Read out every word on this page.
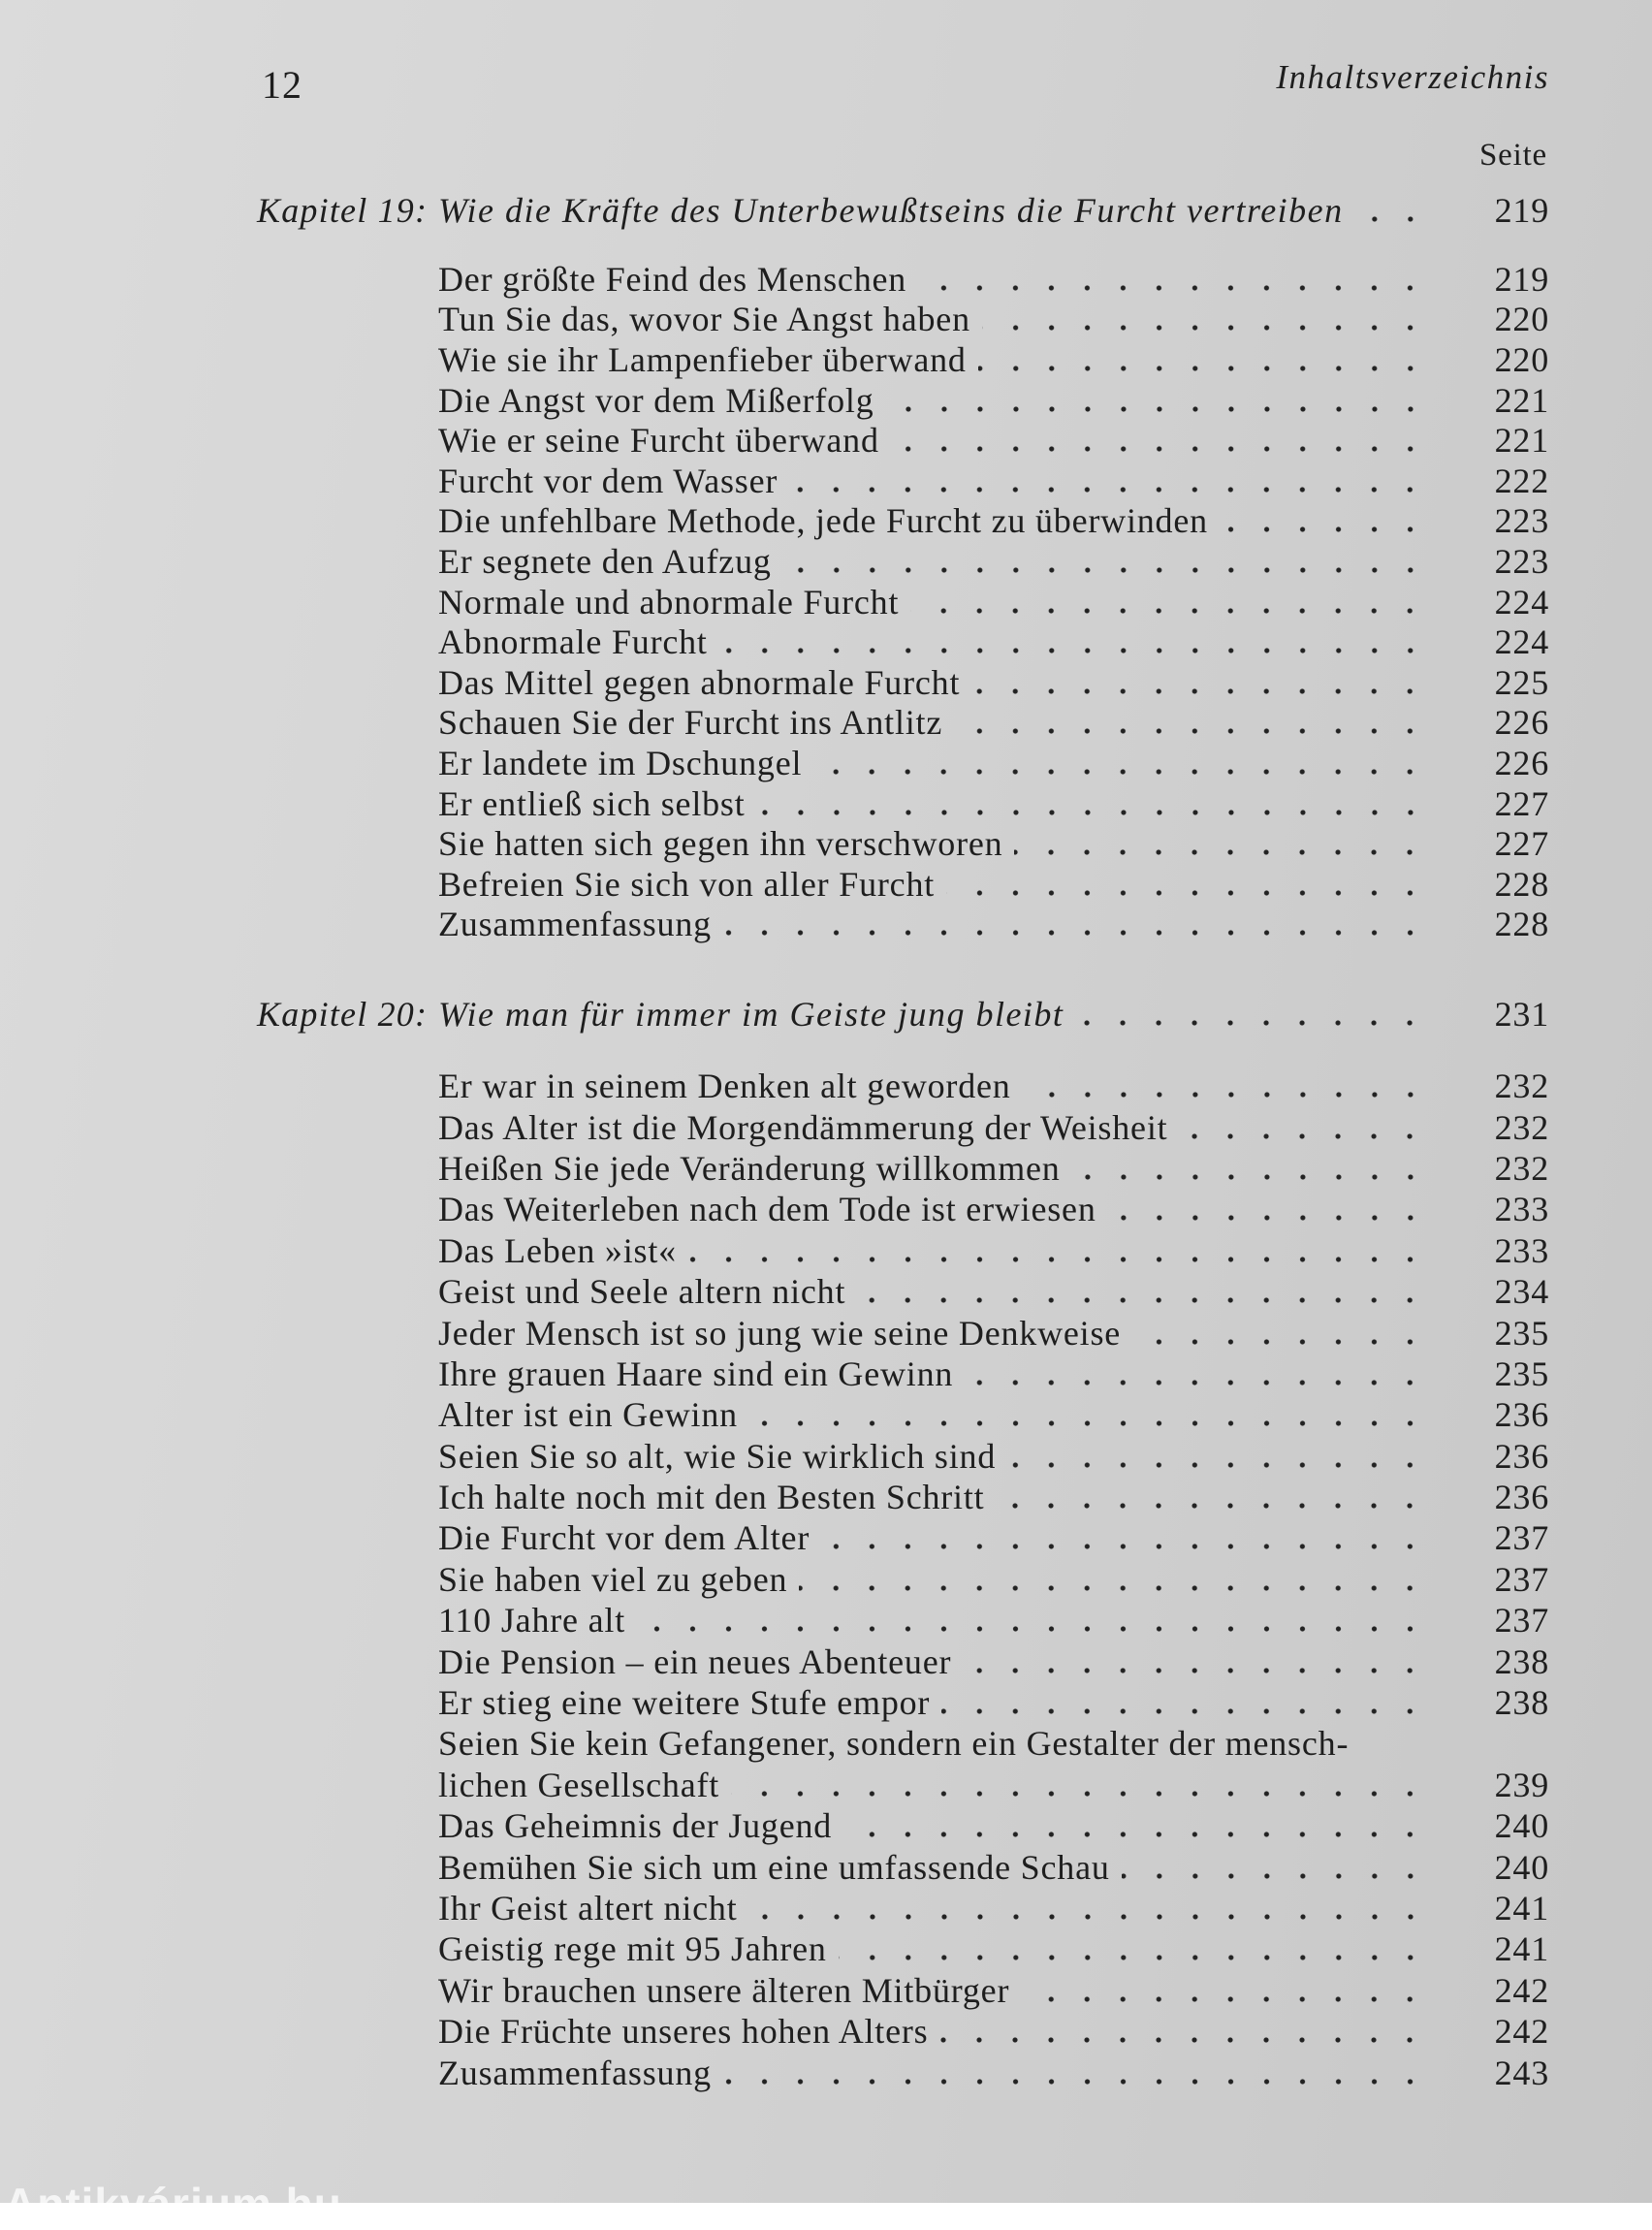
12	Inhaltsverzeichnis
Seite
Kapitel 19: Wie die Kräfte des Unterbewußtseins die Furcht vertreiben	219
Der größte Feind des Menschen	219
Tun Sie das, wovor Sie Angst haben	220
Wie sie ihr Lampenfieber überwand	220
Die Angst vor dem Mißerfolg	221
Wie er seine Furcht überwand	221
Furcht vor dem Wasser	222
Die unfehlbare Methode, jede Furcht zu überwinden	223
Er segnete den Aufzug	223
Normale und abnormale Furcht	224
Abnormale Furcht	224
Das Mittel gegen abnormale Furcht	225
Schauen Sie der Furcht ins Antlitz	226
Er landete im Dschungel	226
Er entließ sich selbst	227
Sie hatten sich gegen ihn verschworen	227
Befreien Sie sich von aller Furcht	228
Zusammenfassung	228
Kapitel 20: Wie man für immer im Geiste jung bleibt	231
Er war in seinem Denken alt geworden	232
Das Alter ist die Morgendämmerung der Weisheit	232
Heißen Sie jede Veränderung willkommen	232
Das Weiterleben nach dem Tode ist erwiesen	233
Das Leben »ist«	233
Geist und Seele altern nicht	234
Jeder Mensch ist so jung wie seine Denkweise	235
Ihre grauen Haare sind ein Gewinn	235
Alter ist ein Gewinn	236
Seien Sie so alt, wie Sie wirklich sind	236
Ich halte noch mit den Besten Schritt	236
Die Furcht vor dem Alter	237
Sie haben viel zu geben	237
110 Jahre alt	237
Die Pension – ein neues Abenteuer	238
Er stieg eine weitere Stufe empor	238
Seien Sie kein Gefangener, sondern ein Gestalter der mensch-
lichen Gesellschaft	239
Das Geheimnis der Jugend	240
Bemühen Sie sich um eine umfassende Schau	240
Ihr Geist altert nicht	241
Geistig rege mit 95 Jahren	241
Wir brauchen unsere älteren Mitbürger	242
Die Früchte unseres hohen Alters	242
Zusammenfassung	243
Antikvárium.hu
